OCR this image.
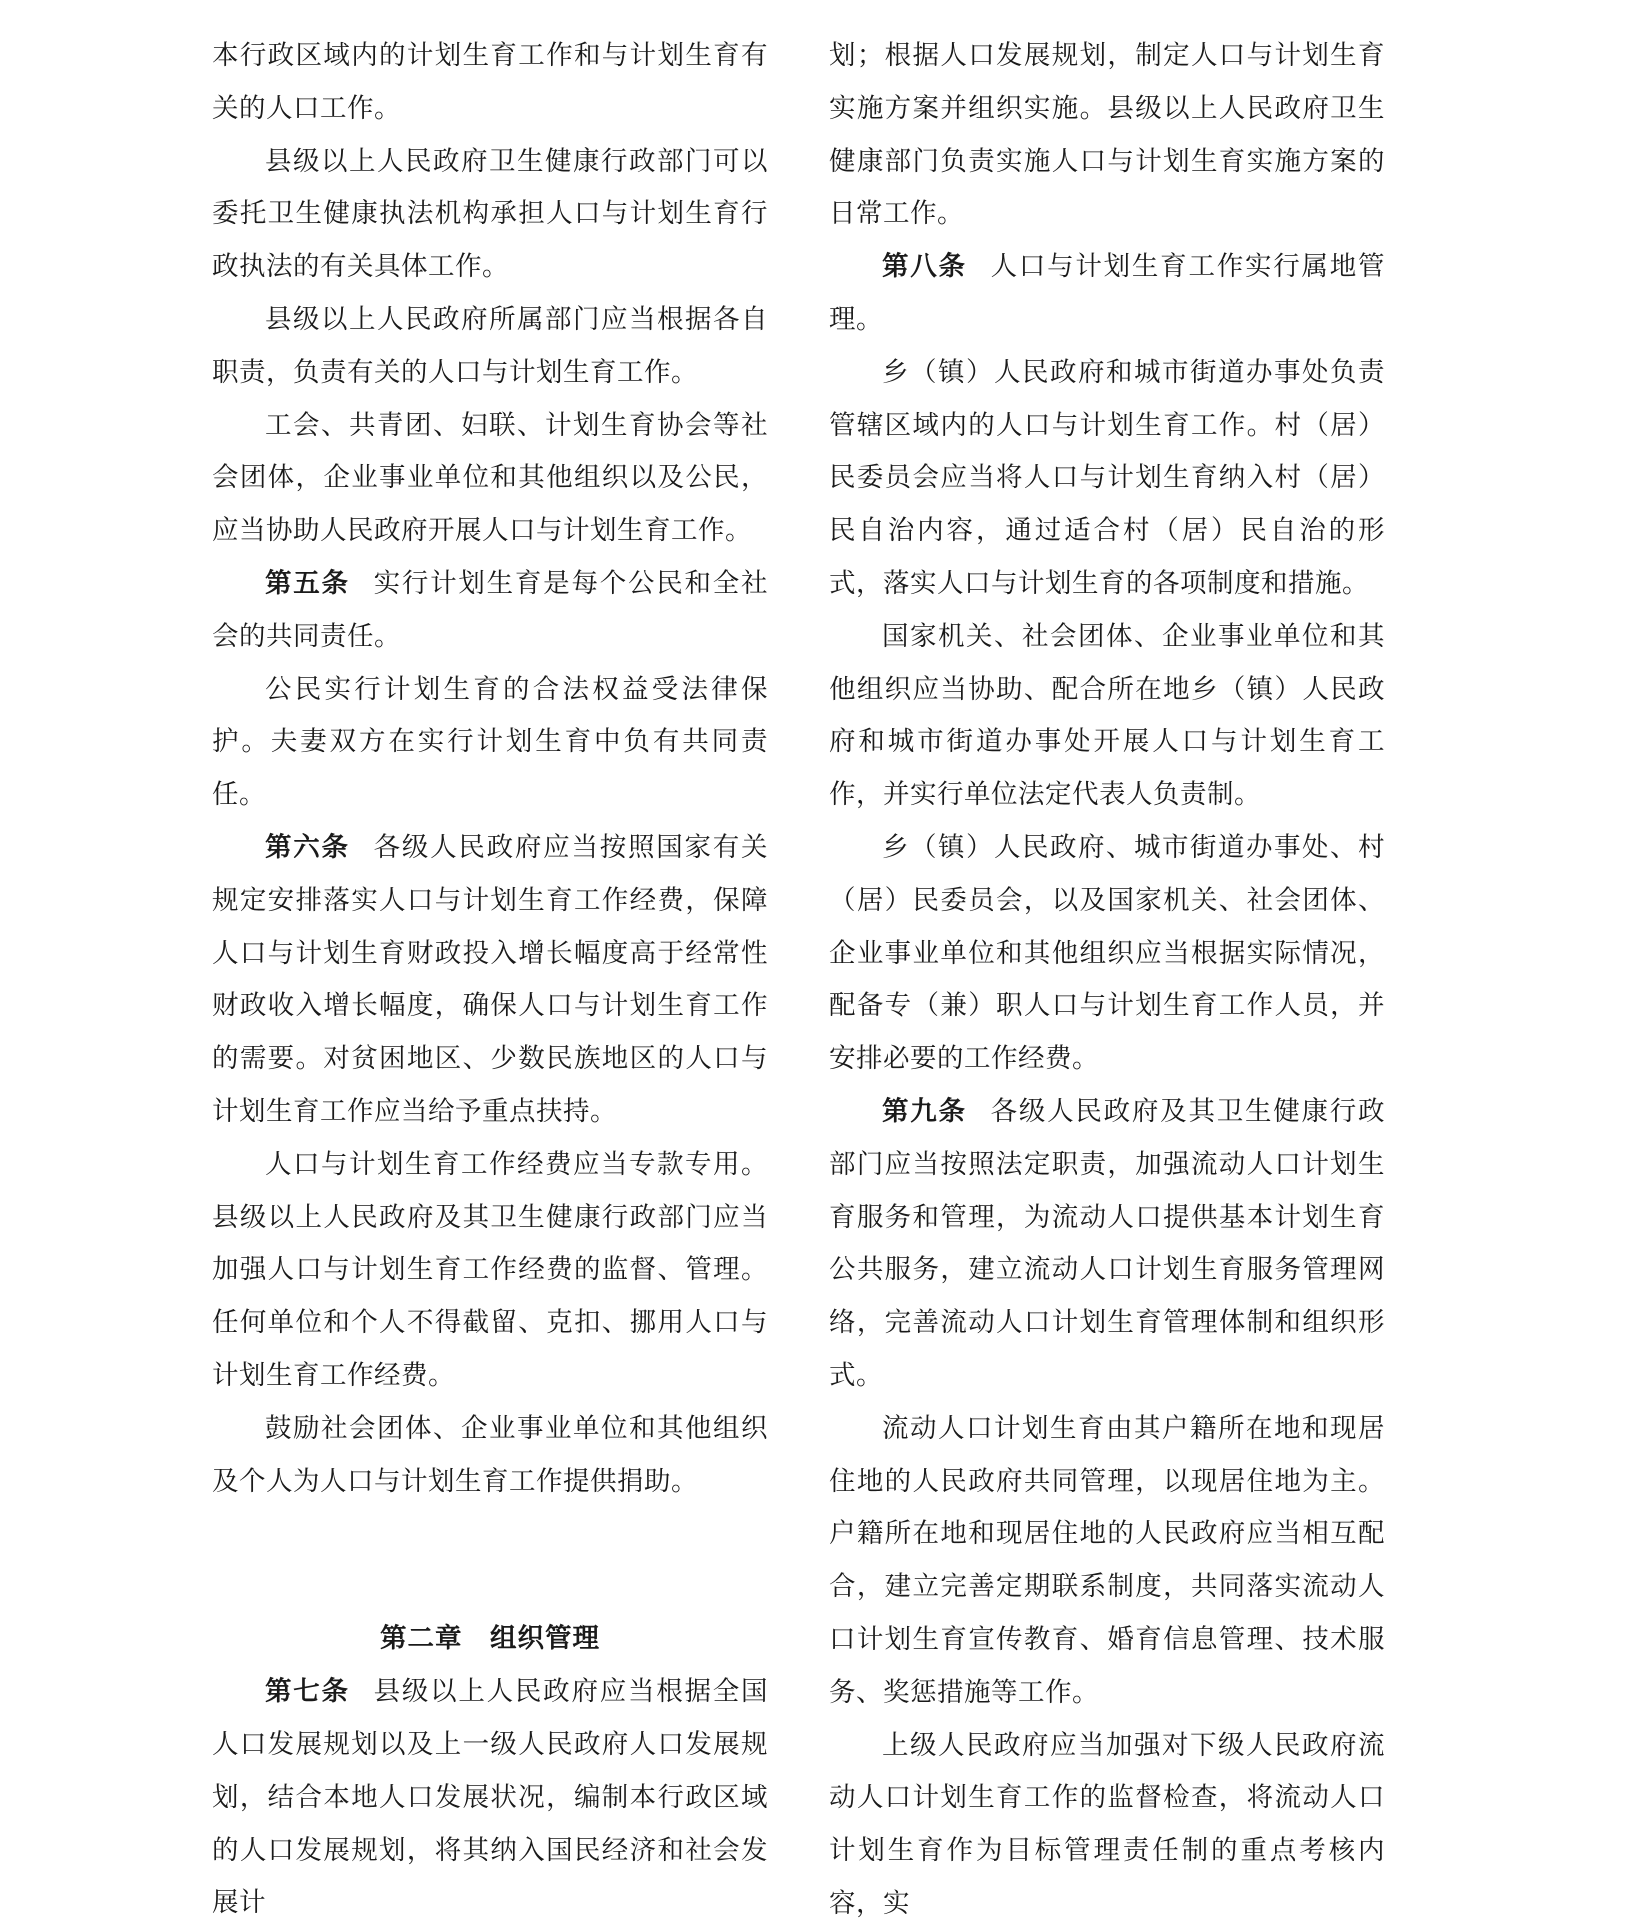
本行政区域内的计划生育工作和与计划生育有关的人口工作。

县级以上人民政府卫生健康行政部门可以委托卫生健康执法机构承担人口与计划生育行政执法的有关具体工作。

县级以上人民政府所属部门应当根据各自职责，负责有关的人口与计划生育工作。

工会、共青团、妇联、计划生育协会等社会团体，企业事业单位和其他组织以及公民，应当协助人民政府开展人口与计划生育工作。

第五条 实行计划生育是每个公民和全社会的共同责任。

公民实行计划生育的合法权益受法律保护。夫妻双方在实行计划生育中负有共同责任。

第六条 各级人民政府应当按照国家有关规定安排落实人口与计划生育工作经费，保障人口与计划生育财政投入增长幅度高于经常性财政收入增长幅度，确保人口与计划生育工作的需要。对贫困地区、少数民族地区的人口与计划生育工作应当给予重点扶持。

人口与计划生育工作经费应当专款专用。县级以上人民政府及其卫生健康行政部门应当加强人口与计划生育工作经费的监督、管理。任何单位和个人不得截留、克扣、挪用人口与计划生育工作经费。

鼓励社会团体、企业事业单位和其他组织及个人为人口与计划生育工作提供捐助。

第二章　组织管理

第七条 县级以上人民政府应当根据全国人口发展规划以及上一级人民政府人口发展规划，结合本地人口发展状况，编制本行政区域的人口发展规划，将其纳入国民经济和社会发展计

划；根据人口发展规划，制定人口与计划生育实施方案并组织实施。县级以上人民政府卫生健康部门负责实施人口与计划生育实施方案的日常工作。

第八条 人口与计划生育工作实行属地管理。

乡（镇）人民政府和城市街道办事处负责管辖区域内的人口与计划生育工作。村（居）民委员会应当将人口与计划生育纳入村（居）民自治内容，通过适合村（居）民自治的形式，落实人口与计划生育的各项制度和措施。

国家机关、社会团体、企业事业单位和其他组织应当协助、配合所在地乡（镇）人民政府和城市街道办事处开展人口与计划生育工作，并实行单位法定代表人负责制。

乡（镇）人民政府、城市街道办事处、村（居）民委员会，以及国家机关、社会团体、企业事业单位和其他组织应当根据实际情况，配备专（兼）职人口与计划生育工作人员，并安排必要的工作经费。

第九条 各级人民政府及其卫生健康行政部门应当按照法定职责，加强流动人口计划生育服务和管理，为流动人口提供基本计划生育公共服务，建立流动人口计划生育服务管理网络，完善流动人口计划生育管理体制和组织形式。

流动人口计划生育由其户籍所在地和现居住地的人民政府共同管理，以现居住地为主。户籍所在地和现居住地的人民政府应当相互配合，建立完善定期联系制度，共同落实流动人口计划生育宣传教育、婚育信息管理、技术服务、奖惩措施等工作。

上级人民政府应当加强对下级人民政府流动人口计划生育工作的监督检查，将流动人口计划生育作为目标管理责任制的重点考核内容，实
